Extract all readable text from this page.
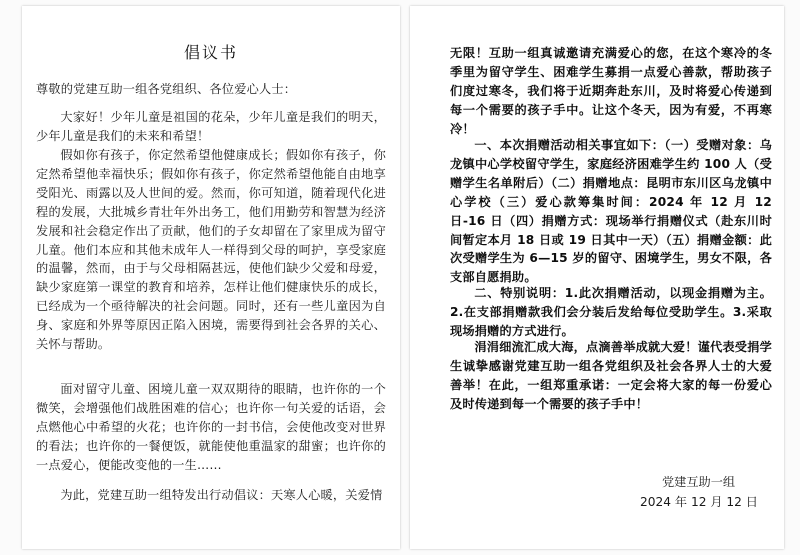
倡议书
尊敬的党建互助一组各党组织、各位爱心人士：
大家好！少年儿童是祖国的花朵，少年儿童是我们的明天，少年儿童是我们的未来和希望！
假如你有孩子，你定然希望他健康成长；假如你有孩子，你定然希望他幸福快乐；假如你有孩子，你定然希望他能自由地享受阳光、雨露以及人世间的爱。然而，你可知道，随着现代化进程的发展，大批城乡青壮年外出务工，他们用勤劳和智慧为经济发展和社会稳定作出了贡献，他们的子女却留在了家里成为留守儿童。他们本应和其他未成年人一样得到父母的呵护，享受家庭的温馨，然而，由于与父母相隔甚远，使他们缺少父爱和母爱，缺少家庭第一课堂的教育和培养，怎样让他们健康快乐的成长，已经成为一个亟待解决的社会问题。同时，还有一些儿童因为自身、家庭和外界等原因正陷入困境，需要得到社会各界的关心、关怀与帮助。
面对留守儿童、困境儿童一双双期待的眼睛，也许你的一个微笑，会增强他们战胜困难的信心；也许你一句关爱的话语，会点燃他心中希望的火花；也许你的一封书信，会使他改变对世界的看法；也许你的一餐便饭，就能使他重温家的甜蜜；也许你的一点爱心，便能改变他的一生……
为此，党建互助一组特发出行动倡议：天寒人心暖，关爱情
无限！互助一组真诚邀请充满爱心的您，在这个寒冷的冬季里为留守学生、困难学生募捐一点爱心善款，帮助孩子们度过寒冬，我们将于近期奔赴东川，及时将爱心传递到每一个需要的孩子手中。让这个冬天，因为有爱，不再寒冷！
一、本次捐赠活动相关事宜如下：（一）受赠对象：乌龙镇中心学校留守学生，家庭经济困难学生约 100 人（受赠学生名单附后）（二）捐赠地点：昆明市东川区乌龙镇中心学校（三）爱心款筹集时间：2024 年 12 月 12 日-16 日（四）捐赠方式：现场举行捐赠仪式（赴东川时间暂定本月 18 日或 19 日其中一天）（五）捐赠金额：此次受赠学生为 6—15 岁的留守、困境学生，男女不限，各支部自愿捐助。
二、特别说明：1.此次捐赠活动，以现金捐赠为主。2.在支部捐赠款我们会分装后发给每位受助学生。3.采取现场捐赠的方式进行。
涓涓细流汇成大海，点滴善举成就大爱！谨代表受捐学生诚挚感谢党建互助一组各党组织及社会各界人士的大爱善举！在此，一组郑重承诺：一定会将大家的每一份爱心及时传递到每一个需要的孩子手中！
党建互助一组
2024 年 12 月 12 日
